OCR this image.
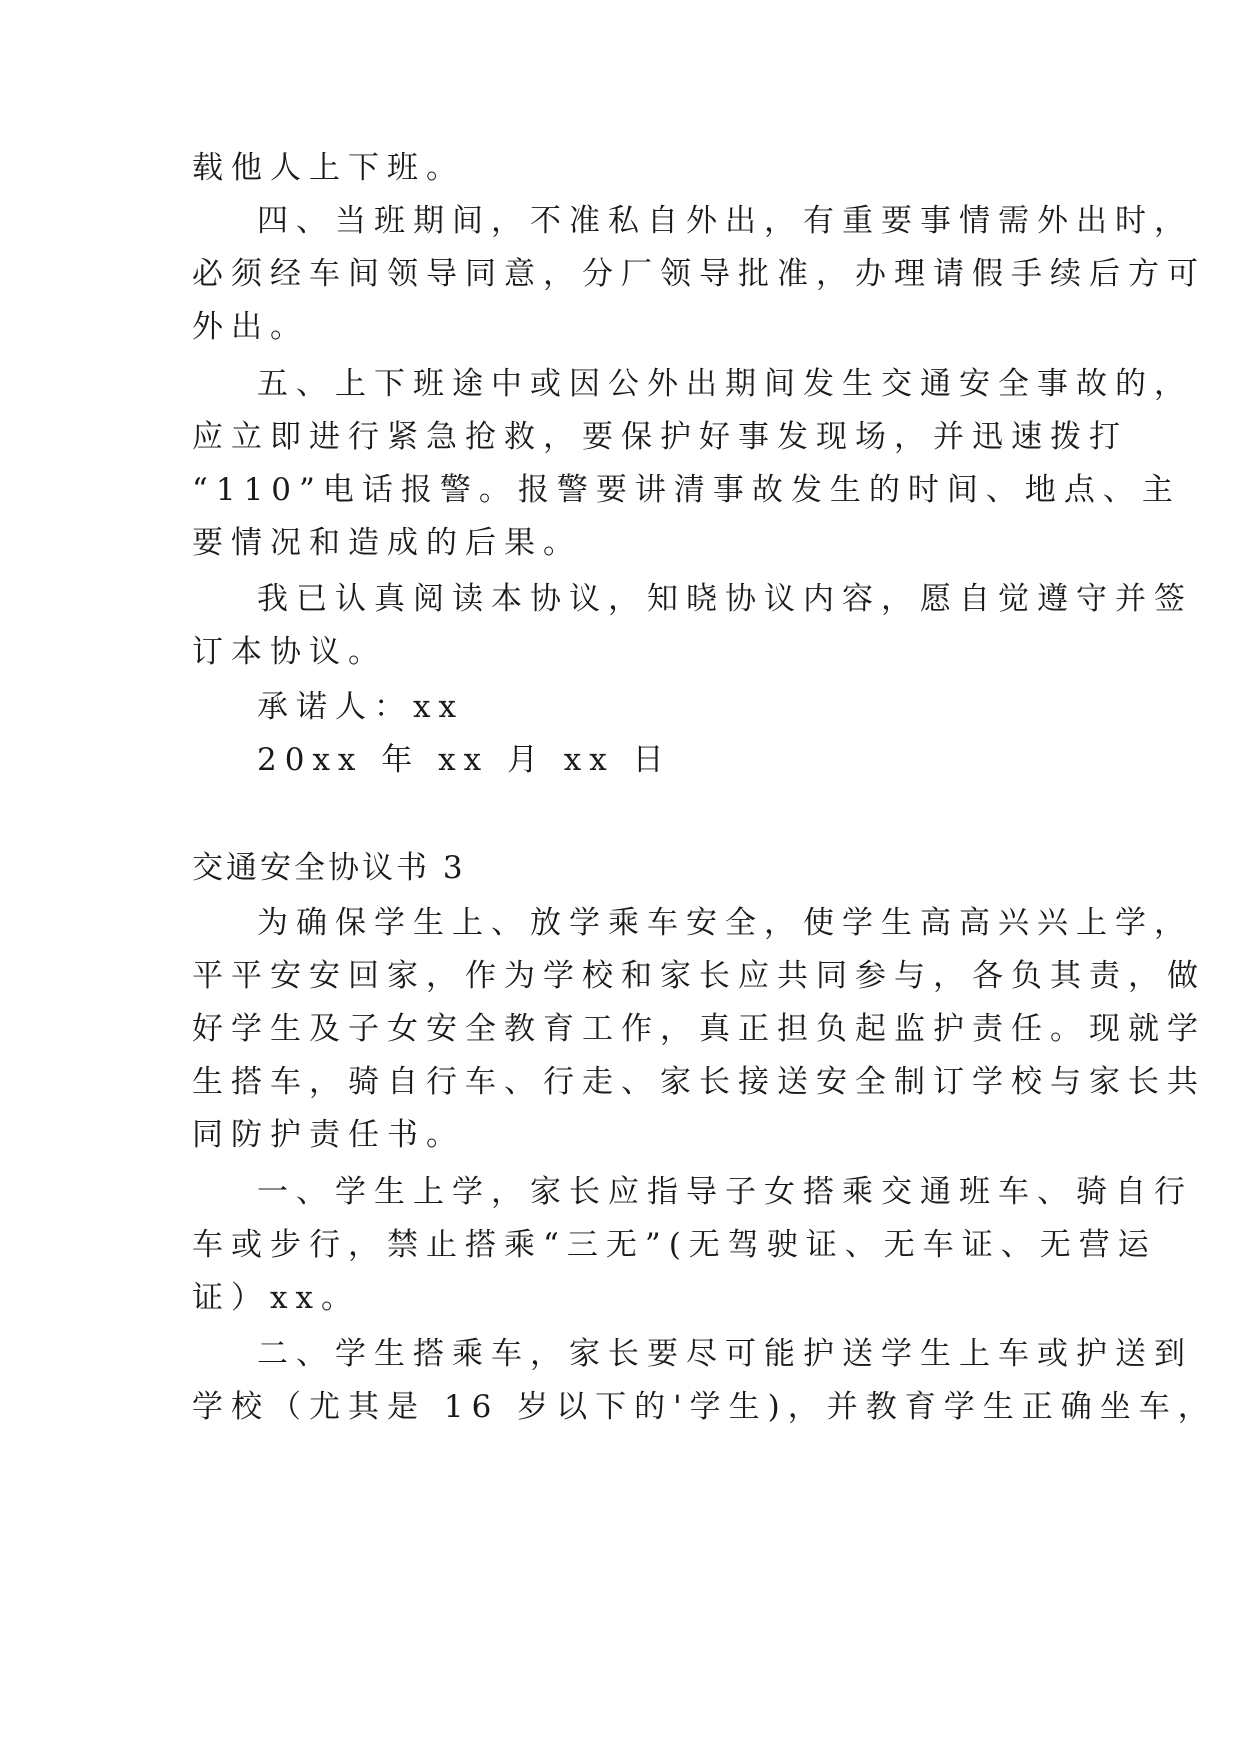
载他人上下班。
四、当班期间，不准私自外出，有重要事情需外出时，
必须经车间领导同意，分厂领导批准，办理请假手续后方可
外出。
五、上下班途中或因公外出期间发生交通安全事故的，
应立即进行紧急抢救，要保护好事发现场，并迅速拨打
“110”电话报警。报警要讲清事故发生的时间、地点、主
要情况和造成的后果。
我已认真阅读本协议，知晓协议内容，愿自觉遵守并签
订本协议。
承诺人：xx
20xx 年 xx 月 xx 日
交通安全协议书 3
为确保学生上、放学乘车安全，使学生高高兴兴上学，
平平安安回家，作为学校和家长应共同参与，各负其责，做
好学生及子女安全教育工作，真正担负起监护责任。现就学
生搭车，骑自行车、行走、家长接送安全制订学校与家长共
同防护责任书。
一、学生上学，家长应指导子女搭乘交通班车、骑自行
车或步行，禁止搭乘“三无”(无驾驶证、无车证、无营运
证）xx。
二、学生搭乘车，家长要尽可能护送学生上车或护送到
学校（尤其是 16 岁以下的'学生)，并教育学生正确坐车，
